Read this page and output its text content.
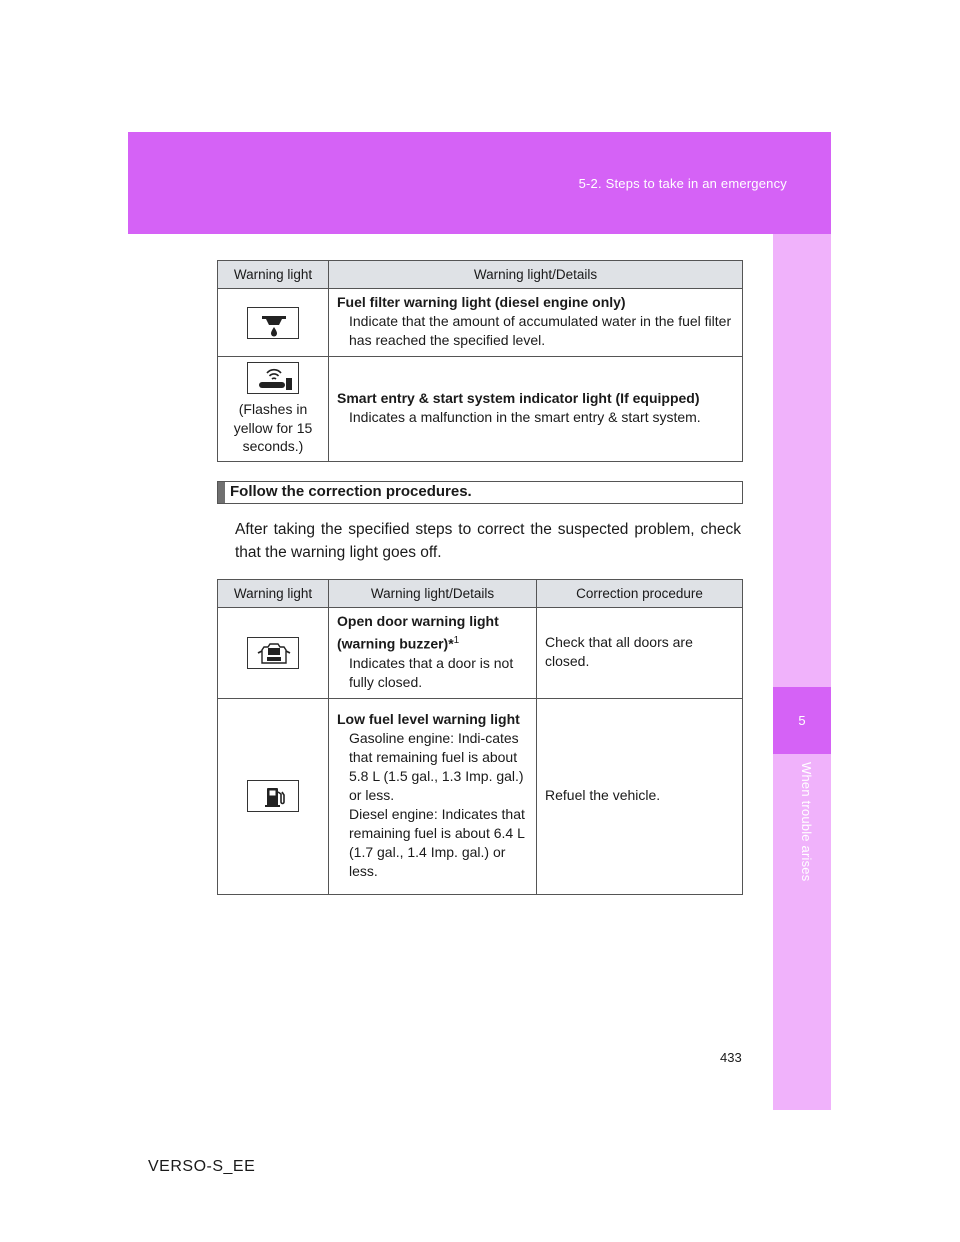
5-2. Steps to take in an emergency
5
When trouble arises
Warning light	Warning light/Details

	Fuel filter warning light (diesel engine only)
Indicate that the amount of accumulated water in the fuel filter has reached the specified level.

(Flashes in yellow for 15 seconds.)	Smart entry & start system indicator light (If equipped)
Indicates a malfunction in the smart entry & start system.
Follow the correction procedures.
After taking the specified steps to correct the suspected problem, check that the warning light goes off.
Warning light	Warning light/Details	Correction procedure

	Open door warning light (warning buzzer)*$^1$
Indicates that a door is not fully closed.	Check that all doors are closed.

	Low fuel level warning light
Gasoline engine: Indi-cates that remaining fuel is about 5.8 L (1.5 gal., 1.3 Imp. gal.) or less.
Diesel engine: Indicates that remaining fuel is about 6.4 L (1.7 gal., 1.4 Imp. gal.) or less.	Refuel the vehicle.
433
VERSO-S_EE
